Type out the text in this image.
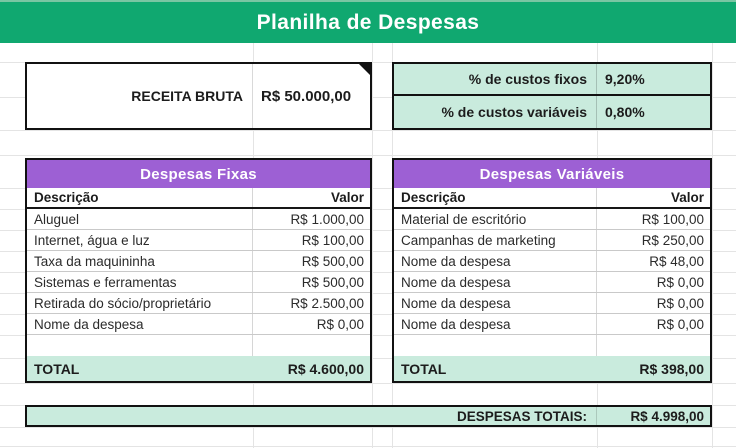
Planilha de Despesas
RECEITA BRUTA	R$ 50.000,00
% de custos fixos	9,20%
% de custos variáveis	0,80%
Despesas Fixas
Descrição	Valor
Aluguel	R$ 1.000,00
Internet, água e luz	R$ 100,00
Taxa da maquininha	R$ 500,00
Sistemas e ferramentas	R$ 500,00
Retirada do sócio/proprietário	R$ 2.500,00
Nome da despesa	R$ 0,00
TOTAL	R$ 4.600,00
Despesas Variáveis
Descrição	Valor
Material de escritório	R$ 100,00
Campanhas de marketing	R$ 250,00
Nome da despesa	R$ 48,00
Nome da despesa	R$ 0,00
Nome da despesa	R$ 0,00
Nome da despesa	R$ 0,00
TOTAL	R$ 398,00
DESPESAS TOTAIS:	R$ 4.998,00
